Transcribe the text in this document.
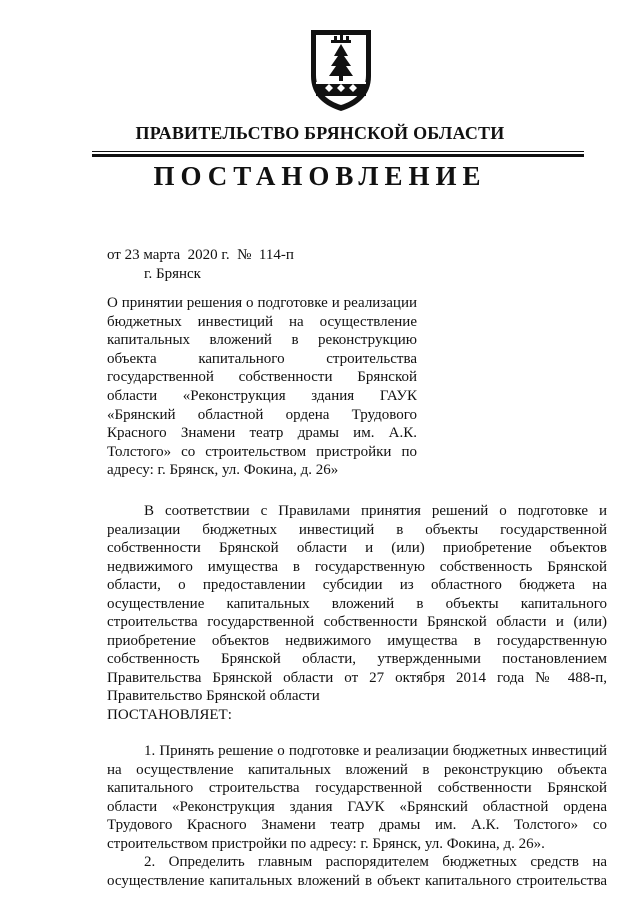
ПРАВИТЕЛЬСТВО БРЯНСКОЙ ОБЛАСТИ
ПОСТАНОВЛЕНИЕ
от 23 марта  2020 г.  №  114-п
г. Брянск
О принятии решения о подготовке и реализации бюджетных инвестиций на осуществление капитальных вложений в реконструкцию объекта капитального строительства государственной собственности Брянской области «Реконструкция здания ГАУК «Брянский областной ордена Трудового Красного Знамени театр драмы им. А.К. Толстого» со строительством пристройки по адресу: г. Брянск, ул. Фокина, д. 26»

В соответствии с Правилами принятия решений о подготовке и реализации бюджетных инвестиций в объекты государственной собственности Брянской области и (или) приобретение объектов недвижимого имущества в государственную собственность Брянской области, о предоставлении субсидии из областного бюджета на осуществление капитальных вложений в объекты капитального строительства государственной собственности Брянской области и (или) приобретение объектов недвижимого имущества в государственную собственность Брянской области, утвержденными постановлением Правительства Брянской области от 27 октября 2014 года № 488-п, Правительство Брянской области

ПОСТАНОВЛЯЕТ:

1. Принять решение о подготовке и реализации бюджетных инвестиций на осуществление капитальных вложений в реконструкцию объекта капитального строительства государственной собственности Брянской области «Реконструкция здания ГАУК «Брянский областной ордена Трудового Красного Знамени театр драмы им. А.К. Толстого» со строительством пристройки по адресу: г. Брянск, ул. Фокина, д. 26».

2. Определить главным распорядителем бюджетных средств на осуществление капитальных вложений в объект капитального строительства
